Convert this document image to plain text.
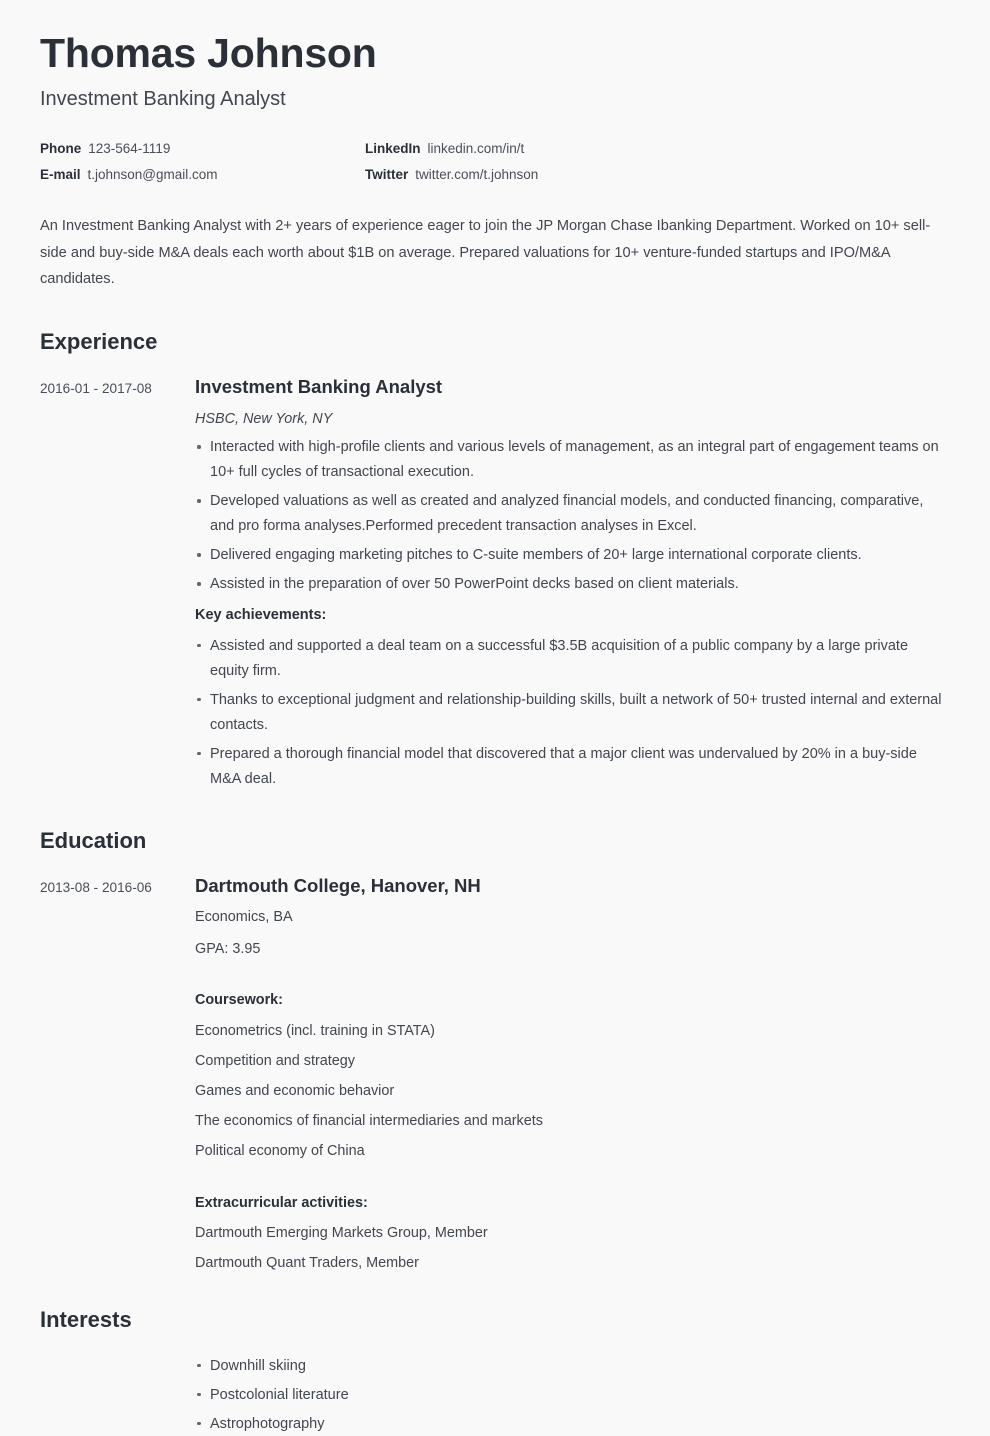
Thomas Johnson
Investment Banking Analyst
Phone 123-564-1119	LinkedIn linkedin.com/in/t
E-mail t.johnson@gmail.com	Twitter twitter.com/t.johnson

An Investment Banking Analyst with 2+ years of experience eager to join the JP Morgan Chase Ibanking Department. Worked on 10+ sell-side and buy-side M&A deals each worth about $1B on average. Prepared valuations for 10+ venture-funded startups and IPO/M&A candidates.

Experience
2016-01 - 2017-08	Investment Banking Analyst
HSBC, New York, NY
Interacted with high-profile clients and various levels of management, as an integral part of engagement teams on 10+ full cycles of transactional execution.
Developed valuations as well as created and analyzed financial models, and conducted financing, comparative, and pro forma analyses.Performed precedent transaction analyses in Excel.
Delivered engaging marketing pitches to C-suite members of 20+ large international corporate clients.
Assisted in the preparation of over 50 PowerPoint decks based on client materials.
Key achievements:
Assisted and supported a deal team on a successful $3.5B acquisition of a public company by a large private equity firm.
Thanks to exceptional judgment and relationship-building skills, built a network of 50+ trusted internal and external contacts.
Prepared a thorough financial model that discovered that a major client was undervalued by 20% in a buy-side M&A deal.
Education
2013-08 - 2016-06	Dartmouth College, Hanover, NH
Economics, BA
GPA: 3.95
Coursework:
Econometrics (incl. training in STATA)
Competition and strategy
Games and economic behavior
The economics of financial intermediaries and markets
Political economy of China
Extracurricular activities:
Dartmouth Emerging Markets Group, Member
Dartmouth Quant Traders, Member
Interests
Downhill skiing
Postcolonial literature
Astrophotography
